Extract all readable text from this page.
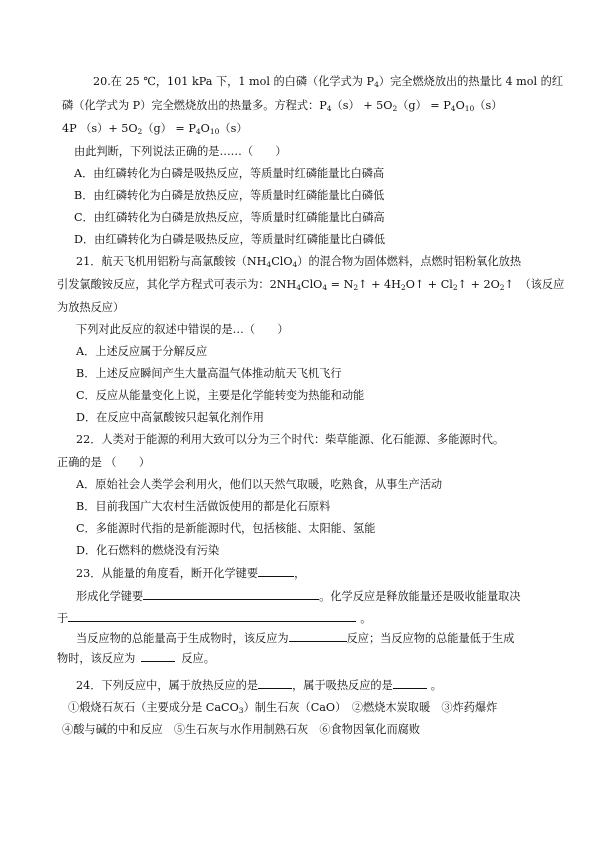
20.在 25 ℃，101 kPa 下，1 mol 的白磷（化学式为 $P_4$）完全燃烧放出的热量比 4 mol 的红
磷（化学式为 P）完全燃烧放出的热量多。方程式：$P_4(s) + 5O_2(g) = P_4O_{10}(s)$
4P $(s)+ 5O_2(g) = P_4O_{10}(s)$
由此判断，下列说法正确的是……（　　）
A．由红磷转化为白磷是吸热反应，等质量时红磷能量比白磷高
B．由红磷转化为白磷是放热反应，等质量时红磷能量比白磷低
C．由红磷转化为白磷是放热反应，等质量时红磷能量比白磷高
D．由红磷转化为白磷是吸热反应，等质量时红磷能量比白磷低
21．航天飞机用铝粉与高氯酸铵$(NH_4ClO_4)$的混合物为固体燃料，点燃时铝粉氧化放热
引发氯酸铵反应，其化学方程式可表示为：$2NH_4ClO_4$ = $N_2↑$ + $4H_2O↑$ + $Cl_2↑$ + $2O_2↑$　（该反应
为放热反应）
下列对此反应的叙述中错误的是…（　　）
A．上述反应属于分解反应
B．上述反应瞬间产生大量高温气体推动航天飞机飞行
C．反应从能量变化上说，主要是化学能转变为热能和动能
D．在反应中高氯酸铵只起氧化剂作用
22．人类对于能源的利用大致可以分为三个时代：柴草能源、化石能源、多能源时代。
正确的是 （　　）
A．原始社会人类学会利用火，他们以天然气取暖，吃熟食，从事生产活动
B．目前我国广大农村生活做饭使用的都是化石原料
C．多能源时代指的是新能源时代，包括核能、太阳能、氢能
D．化石燃料的燃烧没有污染
23．从能量的角度看，断开化学键要	，
形成化学键要	。化学反应是释放能量还是吸收能量取决
于	。
当反应物的总能量高于生成物时，该反应为	反应；当反应物的总能量低于生成
物时，该反应为	反应。
24．下列反应中，属于放热反应的是	，属于吸热反应的是	。
①煅烧石灰石（主要成分是 CaCO$_3$）制生石灰（CaO）　②燃烧木炭取暖　③炸药爆炸
④酸与碱的中和反应　⑤生石灰与水作用制熟石灰　⑥食物因氧化而腐败
